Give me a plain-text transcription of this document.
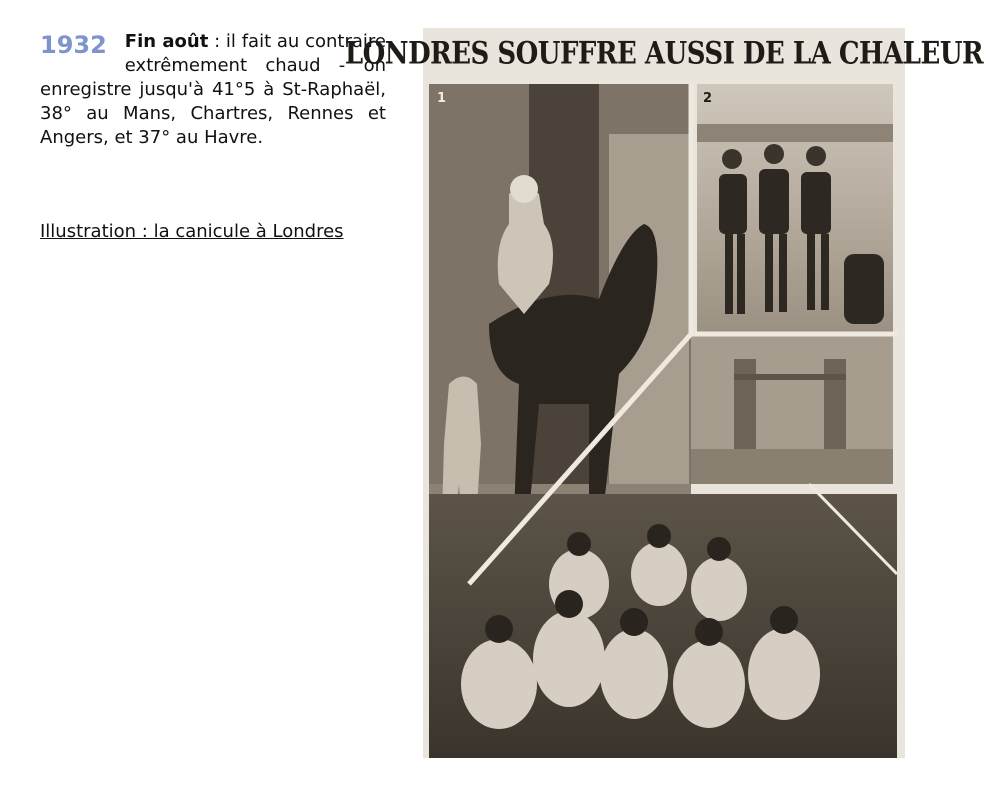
1932 Fin août : il fait au contraire extrêmement chaud - on enregistre jusqu'à 41°5 à St-Raphaël, 38° au Mans, Chartres, Rennes et Angers, et 37° au Havre.

Illustration : la canicule à Londres
LONDRES SOUFFRE AUSSI DE LA CHALEUR
1	2
